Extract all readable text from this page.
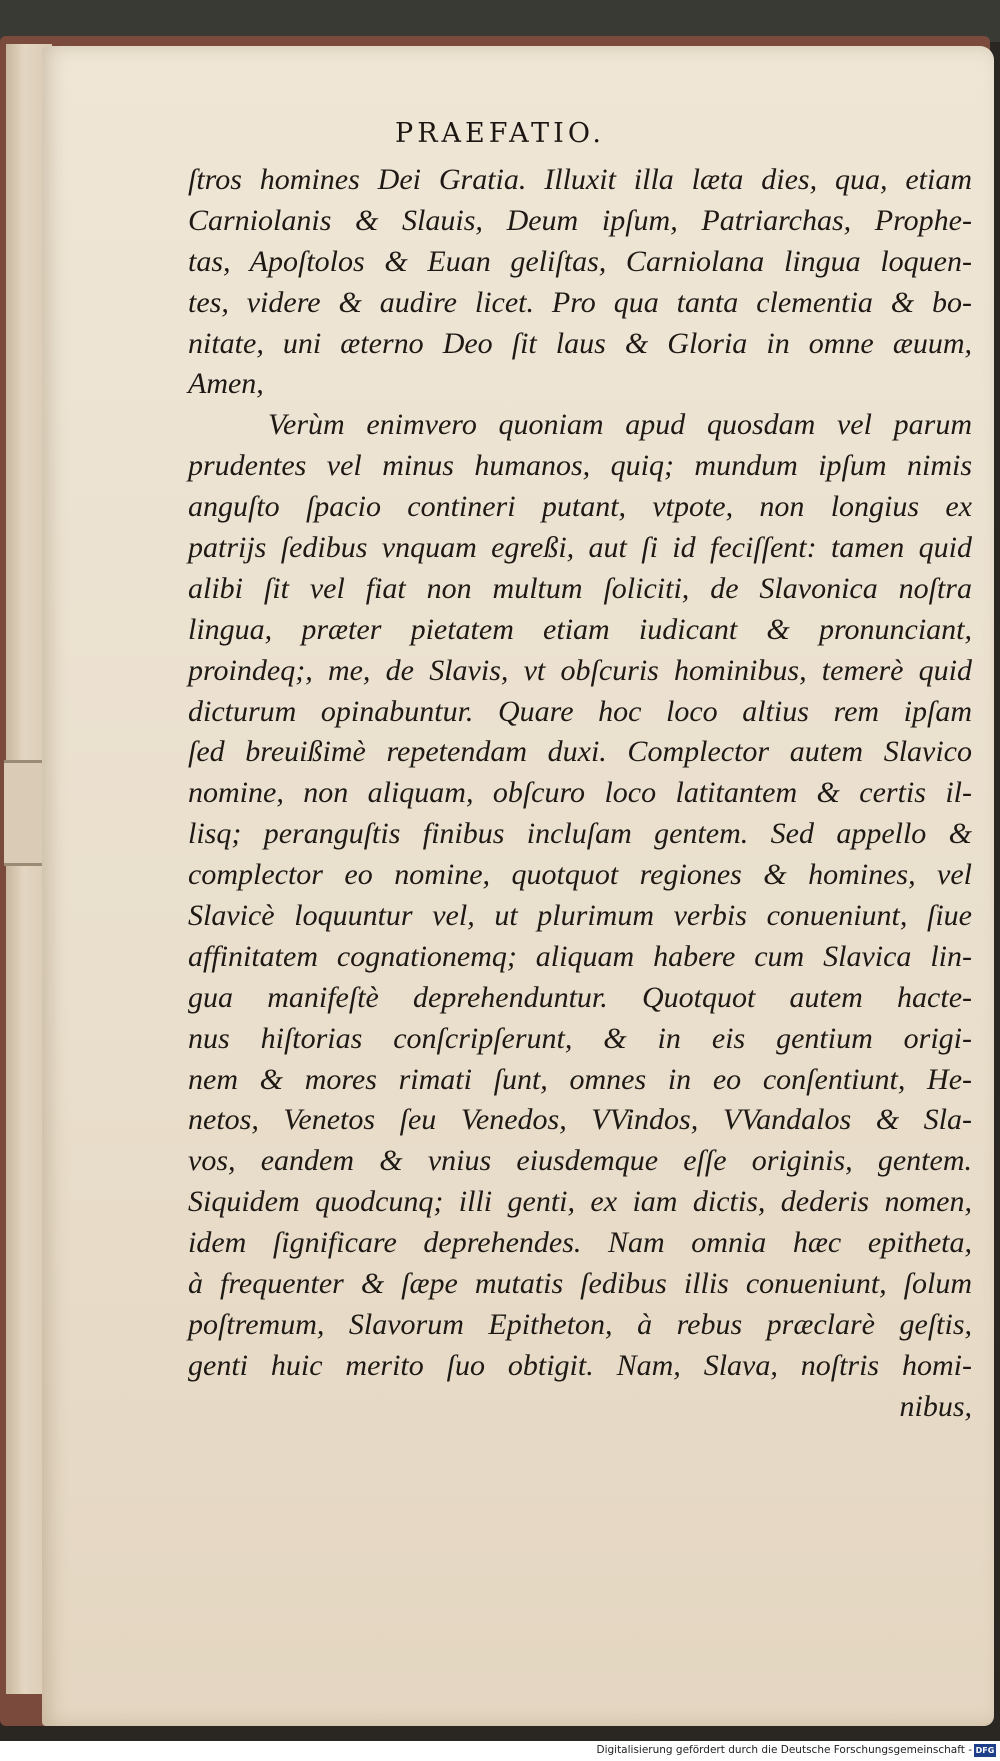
PRAEFATIO.
ſtros homines Dei Gratia. Illuxit illa læta dies, qua, etiam
Carniolanis & Slauis, Deum ipſum, Patriarchas, Prophe-
tas, Apoſtolos & Euan geliſtas, Carniolana lingua loquen-
tes, videre & audire licet. Pro qua tanta clementia & bo-
nitate, uni æterno Deo ſit laus & Gloria in omne æuum,
Amen,
Verùm enimvero quoniam apud quosdam vel parum
prudentes vel minus humanos, quiq; mundum ipſum nimis
anguſto ſpacio contineri putant, vtpote, non longius ex
patrijs ſedibus vnquam egreßi, aut ſi id feciſſent: tamen quid
alibi ſit vel fiat non multum ſoliciti, de Slavonica noſtra
lingua, præter pietatem etiam iudicant & pronunciant,
proindeq;, me, de Slavis, vt obſcuris hominibus, temerè quid
dicturum opinabuntur. Quare hoc loco altius rem ipſam
ſed breuißimè repetendam duxi. Complector autem Slavico
nomine, non aliquam, obſcuro loco latitantem & certis il-
lisq; peranguſtis finibus incluſam gentem. Sed appello &
complector eo nomine, quotquot regiones & homines, vel
Slavicè loquuntur vel, ut plurimum verbis conueniunt, ſiue
affinitatem cognationemq; aliquam habere cum Slavica lin-
gua manifeſtè deprehenduntur. Quotquot autem hacte-
nus hiſtorias conſcripſerunt, & in eis gentium origi-
nem & mores rimati ſunt, omnes in eo conſentiunt, He-
netos, Venetos ſeu Venedos, VVindos, VVandalos & Sla-
vos, eandem & vnius eiusdemque eſſe originis, gentem.
Siquidem quodcunq; illi genti, ex iam dictis, dederis nomen,
idem ſignificare deprehendes. Nam omnia hæc epitheta,
à frequenter & ſæpe mutatis ſedibus illis conueniunt, ſolum
poſtremum, Slavorum Epitheton, à rebus præclarè geſtis,
genti huic merito ſuo obtigit. Nam, Slava, noſtris homi-
nibus,
Digitalisierung gefördert durch die Deutsche Forschungsgemeinschaft - DFG
